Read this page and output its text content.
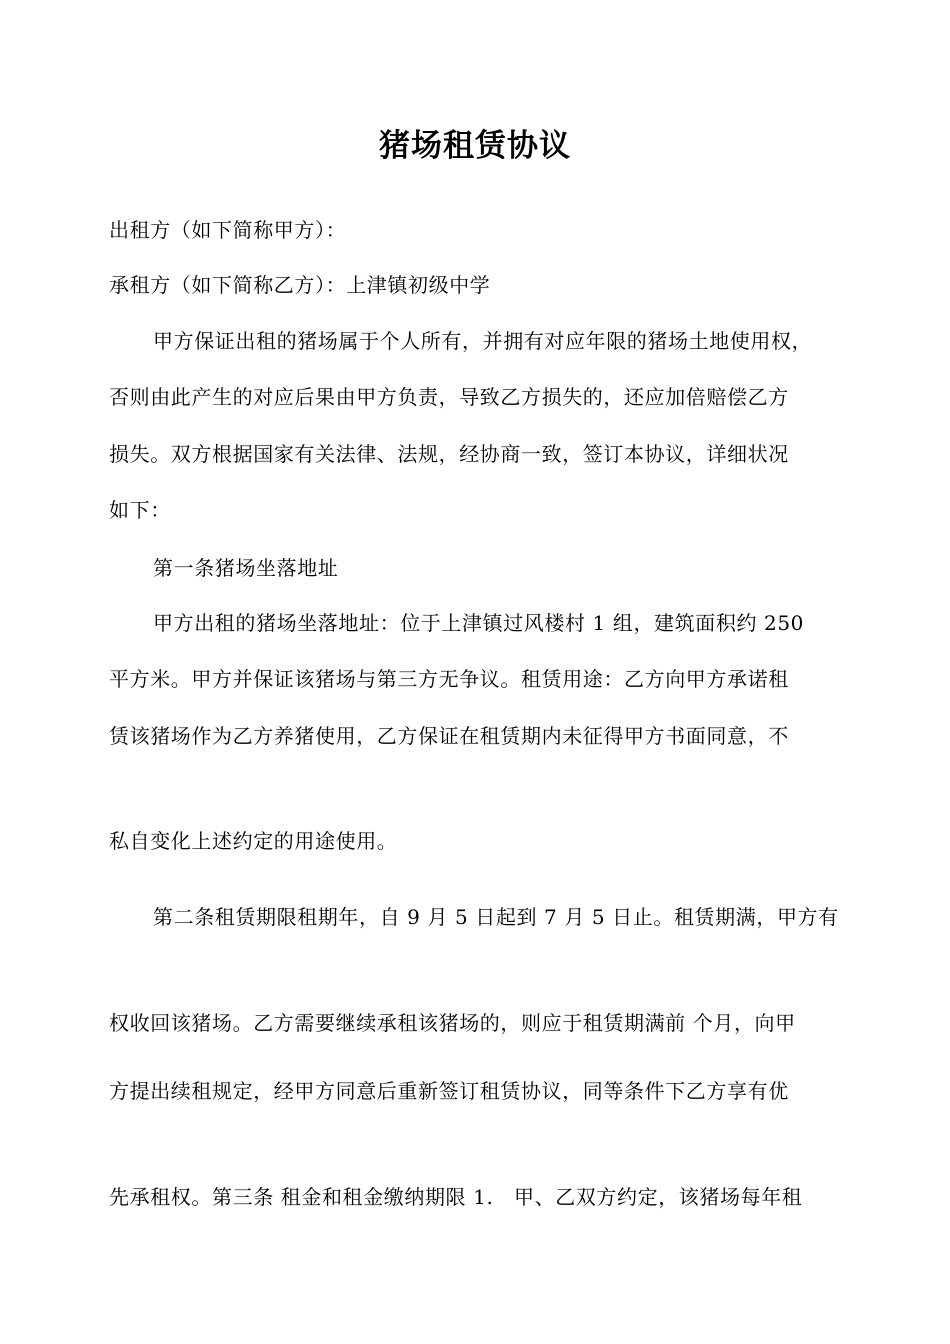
猪场租赁协议
出租方（如下简称甲方）：
承租方（如下简称乙方）：上津镇初级中学
甲方保证出租的猪场属于个人所有，并拥有对应年限的猪场土地使用权，
否则由此产生的对应后果由甲方负责，导致乙方损失的，还应加倍赔偿乙方
损失。双方根据国家有关法律、法规，经协商一致，签订本协议，详细状况
如下：
第一条猪场坐落地址
甲方出租的猪场坐落地址：位于上津镇过风楼村 1 组，建筑面积约 250
平方米。甲方并保证该猪场与第三方无争议。租赁用途：乙方向甲方承诺租
赁该猪场作为乙方养猪使用，乙方保证在租赁期内未征得甲方书面同意，不
私自变化上述约定的用途使用。
第二条租赁期限租期年，自 9 月 5 日起到 7 月 5 日止。租赁期满，甲方有
权收回该猪场。乙方需要继续承租该猪场的，则应于租赁期满前 个月，向甲
方提出续租规定，经甲方同意后重新签订租赁协议，同等条件下乙方享有优
先承租权。第三条 租金和租金缴纳期限 1.　甲、乙双方约定，该猪场每年租
